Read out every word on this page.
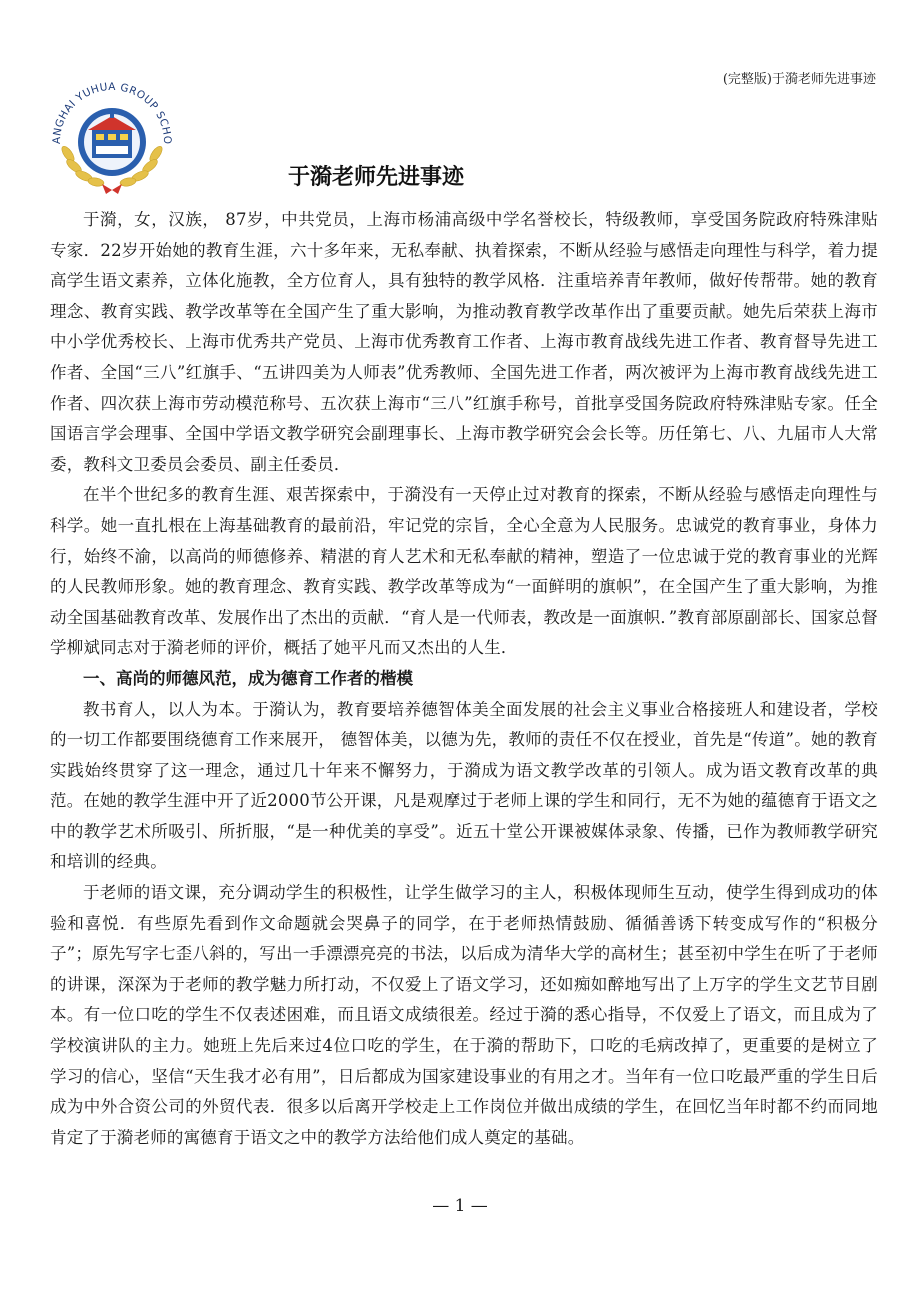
(完整版)于漪老师先进事迹
ANGHAI YUHUA GROUP SCHO
于漪老师先进事迹

于漪，女，汉族， 87岁，中共党员，上海市杨浦高级中学名誉校长，特级教师，享受国务院政府特殊津贴专家．22岁开始她的教育生涯，六十多年来，无私奉献、执着探索，不断从经验与感悟走向理性与科学，着力提高学生语文素养，立体化施教，全方位育人，具有独特的教学风格．注重培养青年教师，做好传帮带。她的教育理念、教育实践、教学改革等在全国产生了重大影响，为推动教育教学改革作出了重要贡献。她先后荣获上海市中小学优秀校长、上海市优秀共产党员、上海市优秀教育工作者、上海市教育战线先进工作者、教育督导先进工作者、全国“三八”红旗手、“五讲四美为人师表”优秀教师、全国先进工作者，两次被评为上海市教育战线先进工作者、四次获上海市劳动模范称号、五次获上海市“三八”红旗手称号，首批享受国务院政府特殊津贴专家。任全国语言学会理事、全国中学语文教学研究会副理事长、上海市教学研究会会长等。历任第七、八、九届市人大常委，教科文卫委员会委员、副主任委员．

在半个世纪多的教育生涯、艰苦探索中，于漪没有一天停止过对教育的探索，不断从经验与感悟走向理性与科学。她一直扎根在上海基础教育的最前沿，牢记党的宗旨，全心全意为人民服务。忠诚党的教育事业，身体力行，始终不渝，以高尚的师德修养、精湛的育人艺术和无私奉献的精神，塑造了一位忠诚于党的教育事业的光辉的人民教师形象。她的教育理念、教育实践、教学改革等成为“一面鲜明的旗帜”，在全国产生了重大影响，为推动全国基础教育改革、发展作出了杰出的贡献．“育人是一代师表，教改是一面旗帜．”教育部原副部长、国家总督学柳斌同志对于漪老师的评价，概括了她平凡而又杰出的人生．

一、高尚的师德风范，成为德育工作者的楷模

教书育人，以人为本。于漪认为，教育要培养德智体美全面发展的社会主义事业合格接班人和建设者，学校的一切工作都要围绕德育工作来展开， 德智体美，以德为先，教师的责任不仅在授业，首先是“传道”。她的教育实践始终贯穿了这一理念，通过几十年来不懈努力，于漪成为语文教学改革的引领人。成为语文教育改革的典范。在她的教学生涯中开了近2000节公开课，凡是观摩过于老师上课的学生和同行，无不为她的蕴德育于语文之中的教学艺术所吸引、所折服，“是一种优美的享受”。近五十堂公开课被媒体录象、传播，已作为教师教学研究和培训的经典。

于老师的语文课，充分调动学生的积极性，让学生做学习的主人，积极体现师生互动，使学生得到成功的体验和喜悦．有些原先看到作文命题就会哭鼻子的同学，在于老师热情鼓励、循循善诱下转变成写作的“积极分子”；原先写字七歪八斜的，写出一手漂漂亮亮的书法，以后成为清华大学的高材生；甚至初中学生在听了于老师的讲课，深深为于老师的教学魅力所打动，不仅爱上了语文学习，还如痴如醉地写出了上万字的学生文艺节目剧本。有一位口吃的学生不仅表述困难，而且语文成绩很差。经过于漪的悉心指导，不仅爱上了语文，而且成为了学校演讲队的主力。她班上先后来过4位口吃的学生，在于漪的帮助下，口吃的毛病改掉了，更重要的是树立了学习的信心，坚信“天生我才必有用”，日后都成为国家建设事业的有用之才。当年有一位口吃最严重的学生日后成为中外合资公司的外贸代表．很多以后离开学校走上工作岗位并做出成绩的学生，在回忆当年时都不约而同地肯定了于漪老师的寓德育于语文之中的教学方法给他们成人奠定的基础。

— 1 —
